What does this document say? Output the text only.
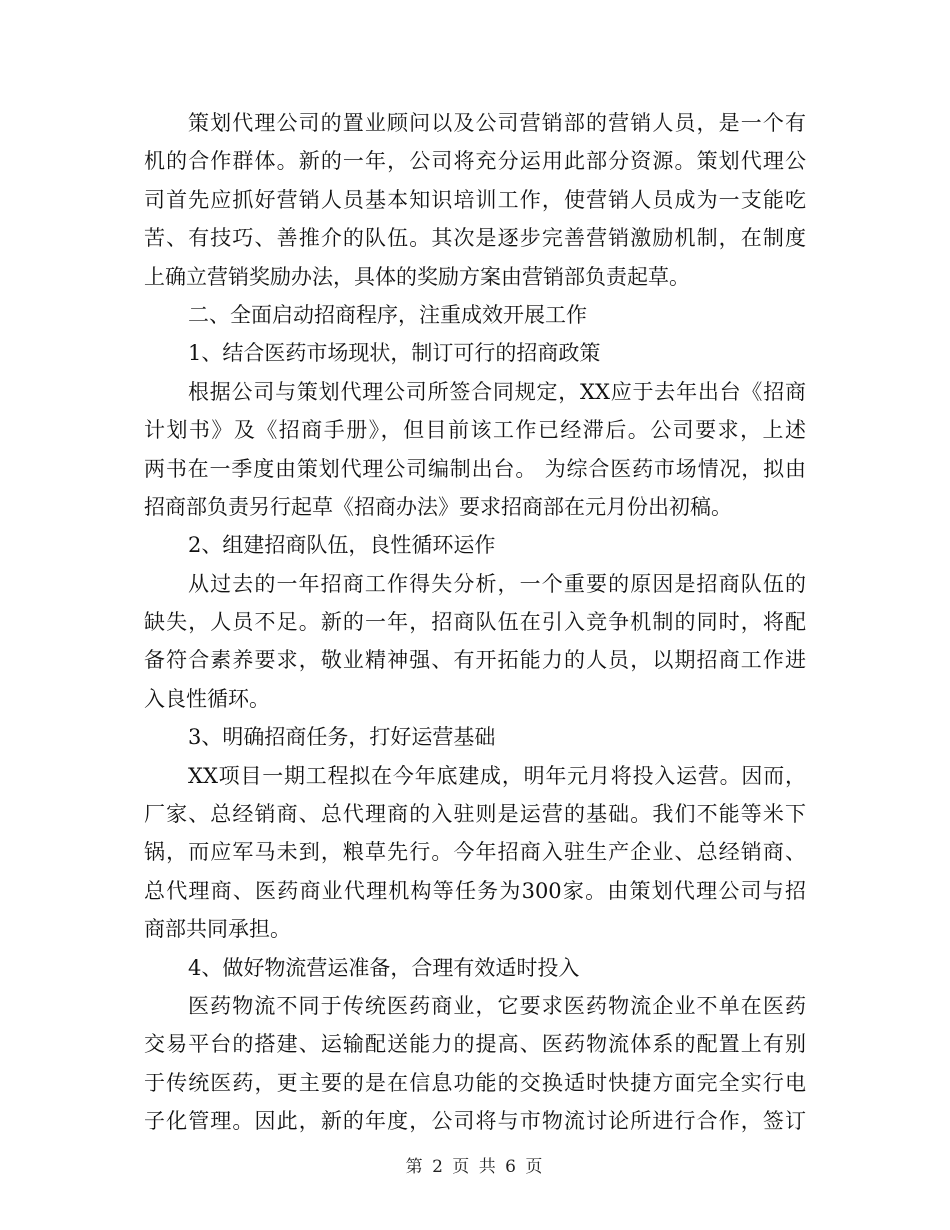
策划代理公司的置业顾问以及公司营销部的营销人员，是一个有
机的合作群体。新的一年，公司将充分运用此部分资源。策划代理公
司首先应抓好营销人员基本知识培训工作，使营销人员成为一支能吃
苦、有技巧、善推介的队伍。其次是逐步完善营销激励机制，在制度
上确立营销奖励办法，具体的奖励方案由营销部负责起草。
二、全面启动招商程序，注重成效开展工作
1、结合医药市场现状，制订可行的招商政策
根据公司与策划代理公司所签合同规定，XX应于去年出台《招商
计划书》及《招商手册》，但目前该工作已经滞后。公司要求，上述
两书在一季度由策划代理公司编制出台。 为综合医药市场情况，拟由
招商部负责另行起草《招商办法》要求招商部在元月份出初稿。
2、组建招商队伍，良性循环运作
从过去的一年招商工作得失分析，一个重要的原因是招商队伍的
缺失，人员不足。新的一年，招商队伍在引入竞争机制的同时，将配
备符合素养要求，敬业精神强、有开拓能力的人员，以期招商工作进
入良性循环。
3、明确招商任务，打好运营基础
XX项目一期工程拟在今年底建成，明年元月将投入运营。因而，
厂家、总经销商、总代理商的入驻则是运营的基础。我们不能等米下
锅，而应军马未到，粮草先行。今年招商入驻生产企业、总经销商、
总代理商、医药商业代理机构等任务为300家。由策划代理公司与招
商部共同承担。
4、做好物流营运准备，合理有效适时投入
医药物流不同于传统医药商业，它要求医药物流企业不单在医药
交易平台的搭建、运输配送能力的提高、医药物流体系的配置上有别
于传统医药，更主要的是在信息功能的交换适时快捷方面完全实行电
子化管理。因此，新的年度，公司将与市物流讨论所进行合作，签订
第 2 页 共 6 页
